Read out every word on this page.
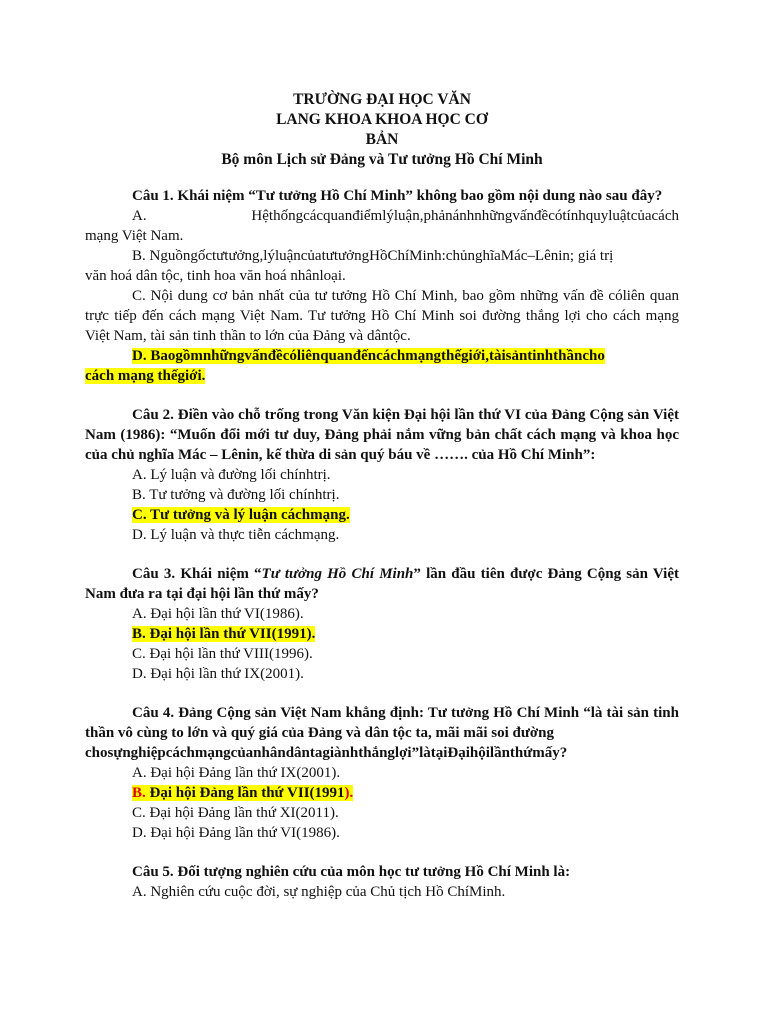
TRƯỜNG ĐẠI HỌC VĂN
LANG KHOA KHOA HỌC CƠ
BẢN
Bộ môn Lịch sử Đảng và Tư tưởng Hồ Chí Minh

Câu 1. Khái niệm “Tư tưởng Hồ Chí Minh” không bao gồm nội dung nào sau đây?

A. Hệthốngcácquanđiểmlýluận,phảnánhnhữngvấnđềcótínhquyluậtcủacách

mạng Việt Nam.

B. Nguồngốctưtưởng,lýluậncủatưtưởngHồChíMinh:chủnghĩaMác–Lênin; giá trị

văn hoá dân tộc, tinh hoa văn hoá nhânloại.

C. Nội dung cơ bản nhất của tư tưởng Hồ Chí Minh, bao gồm những vấn đề cóliên quan trực tiếp đến cách mạng Việt Nam. Tư tưởng Hồ Chí Minh soi đường thắng lợi cho cách mạng Việt Nam, tài sản tinh thần to lớn của Đảng và dântộc.

D. Baogồmnhữngvấnđềcóliênquanđếncáchmạngthếgiới,tàisảntinhthầncho

cách mạng thếgiới.

Câu 2. Điền vào chỗ trống trong Văn kiện Đại hội lần thứ VI của Đảng Cộng sản Việt Nam (1986): “Muốn đổi mới tư duy, Đảng phải nắm vững bản chất cách mạng và khoa học của chủ nghĩa Mác – Lênin, kế thừa di sản quý báu về ……. của Hồ Chí Minh”:

A. Lý luận và đường lối chínhtrị.

B. Tư tưởng và đường lối chínhtrị.

C. Tư tưởng và lý luận cáchmạng.

D. Lý luận và thực tiễn cáchmạng.

Câu 3. Khái niệm “Tư tưởng Hồ Chí Minh” lần đầu tiên được Đảng Cộng sản Việt Nam đưa ra tại đại hội lần thứ mấy?

A. Đại hội lần thứ VI(1986).

B. Đại hội lần thứ VII(1991).

C. Đại hội lần thứ VIII(1996).

D. Đại hội lần thứ IX(2001).

Câu 4. Đảng Cộng sản Việt Nam khẳng định: Tư tưởng Hồ Chí Minh “là tài sản tinh thần vô cùng to lớn và quý giá của Đảng và dân tộc ta, mãi mãi soi đường

chosựnghiệpcáchmạngcủanhândântagiànhthắnglợi”làtạiĐạihộilầnthứmấy?

A. Đại hội Đảng lần thứ IX(2001).

B. Đại hội Đảng lần thứ VII(1991).

C. Đại hội Đảng lần thứ XI(2011).

D. Đại hội Đảng lần thứ VI(1986).

Câu 5. Đối tượng nghiên cứu của môn học tư tưởng Hồ Chí Minh là:

A. Nghiên cứu cuộc đời, sự nghiệp của Chủ tịch Hồ ChíMinh.
